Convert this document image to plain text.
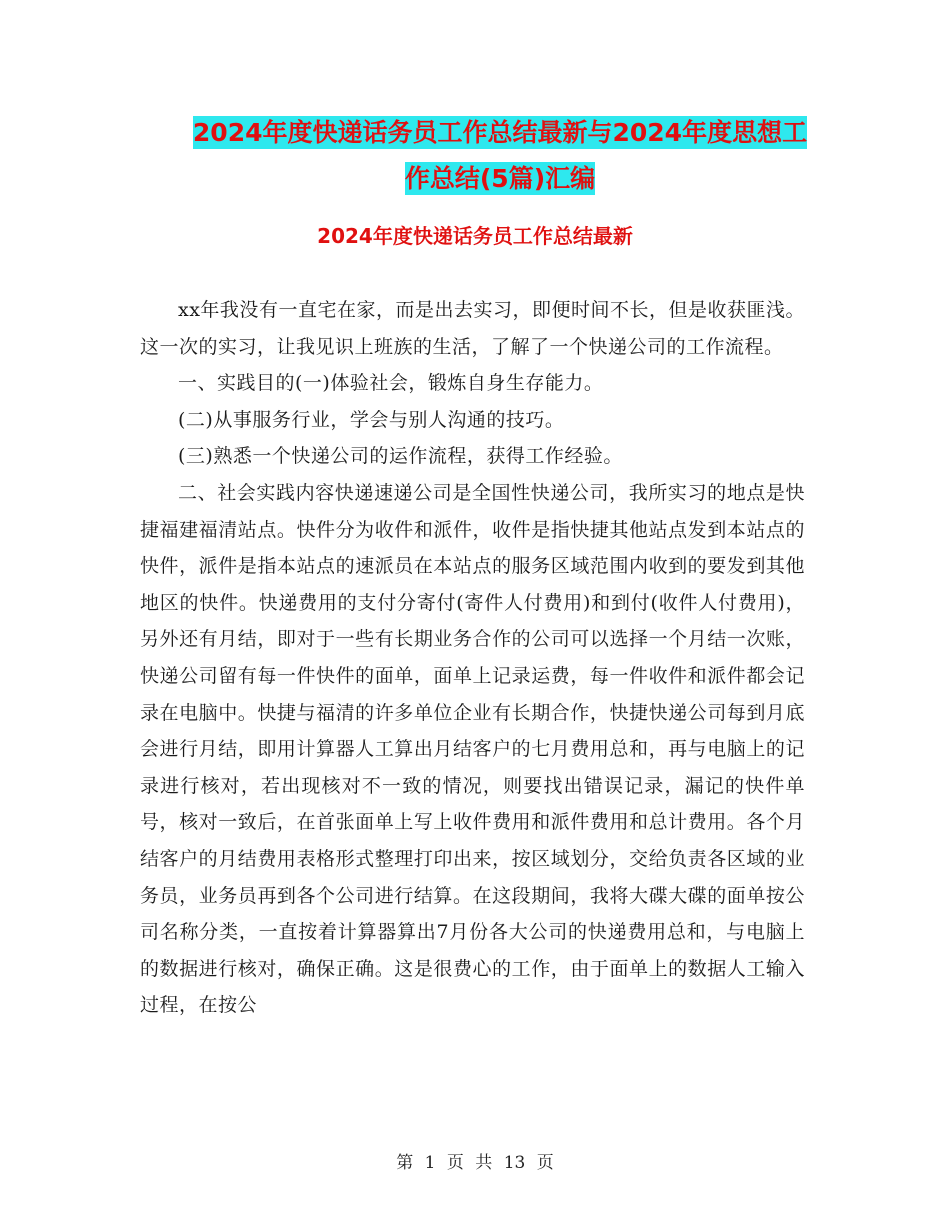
2024年度快递话务员工作总结最新与2024年度思想工
作总结(5篇)汇编
2024年度快递话务员工作总结最新

xx年我没有一直宅在家，而是出去实习，即便时间不长，但是收获匪浅。这一次的实习，让我见识上班族的生活，了解了一个快递公司的工作流程。

一、实践目的(一)体验社会，锻炼自身生存能力。

(二)从事服务行业，学会与别人沟通的技巧。

(三)熟悉一个快递公司的运作流程，获得工作经验。

二、社会实践内容快递速递公司是全国性快递公司，我所实习的地点是快捷福建福清站点。快件分为收件和派件，收件是指快捷其他站点发到本站点的快件，派件是指本站点的速派员在本站点的服务区域范围内收到的要发到其他地区的快件。快递费用的支付分寄付(寄件人付费用)和到付(收件人付费用)，另外还有月结，即对于一些有长期业务合作的公司可以选择一个月结一次账，快递公司留有每一件快件的面单，面单上记录运费，每一件收件和派件都会记录在电脑中。快捷与福清的许多单位企业有长期合作，快捷快递公司每到月底会进行月结，即用计算器人工算出月结客户的七月费用总和，再与电脑上的记录进行核对，若出现核对不一致的情况，则要找出错误记录，漏记的快件单号，核对一致后，在首张面单上写上收件费用和派件费用和总计费用。各个月结客户的月结费用表格形式整理打印出来，按区域划分，交给负责各区域的业务员，业务员再到各个公司进行结算。在这段期间，我将大碟大碟的面单按公司名称分类，一直按着计算器算出7月份各大公司的快递费用总和，与电脑上的数据进行核对，确保正确。这是很费心的工作，由于面单上的数据人工输入过程，在按公

第 1 页 共 13 页
